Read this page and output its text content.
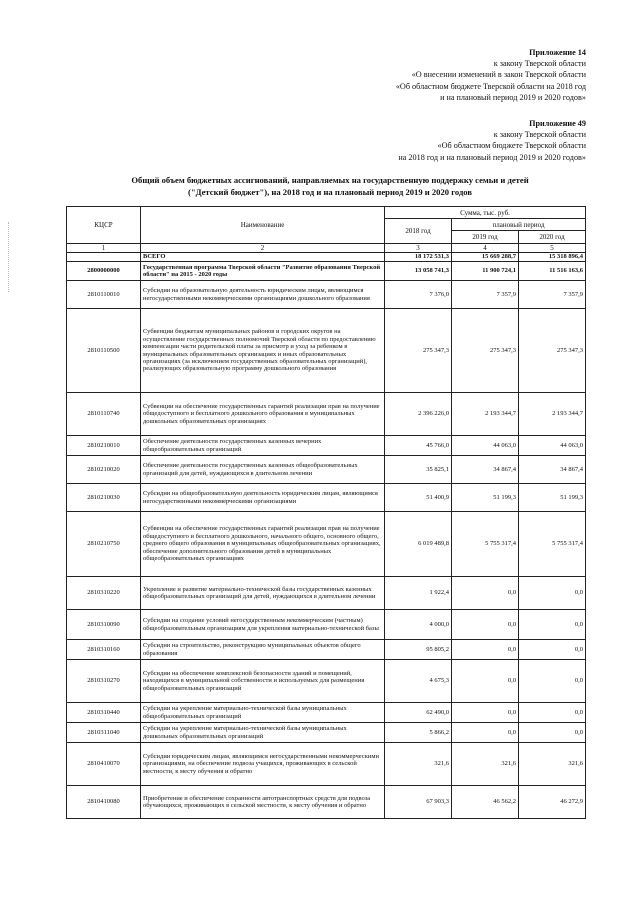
Приложение 14
к закону Тверской области
«О внесении изменений в закон Тверской области
«Об областном бюджете Тверской области на 2018 год
и на плановый период 2019 и 2020 годов»
Приложение 49
к закону Тверской области
«Об областном бюджете Тверской области
на 2018 год и на плановый период 2019 и 2020 годов»
Общий объем бюджетных ассигнований, направляемых на государственную поддержку семьи и детей
("Детский бюджет"), на 2018 год и на плановый период 2019 и 2020 годов
КЦСР	Наименование	Сумма, тыс. руб.		
		2018 год	плановый период	
			2019 год	2020 год
1	2	3	4	5
	ВСЕГО	18 172 531,3	15 669 288,7	15 318 896,4
2800000000	Государственная программа Тверской области "Развитие образования Тверской области" на 2015 - 2020 годы	13 058 741,3	11 900 724,1	11 516 163,6
2810110010	Субсидии на образовательную деятельность юридическим лицам, являющимся негосударственными некоммерческими организациями дошкольного образования	7 376,0	7 357,9	7 357,9
2810110500	Субвенции бюджетам муниципальных районов и городских округов на осуществление государственных полномочий Тверской области по предоставлению компенсации части родительской платы за присмотр и уход за ребенком в муниципальных образовательных организациях и иных образовательных организациях (за исключением государственных образовательных организаций), реализующих образовательную программу дошкольного образования	275 347,3	275 347,3	275 347,3
2810110740	Субвенции на обеспечение государственных гарантий реализации прав на получение общедоступного и бесплатного дошкольного образования в муниципальных дошкольных образовательных организациях	2 396 226,0	2 193 344,7	2 193 344,7
2810210010	Обеспечение деятельности государственных казенных вечерних общеобразовательных организаций	45 766,0	44 063,0	44 063,0
2810210020	Обеспечение деятельности государственных казенных общеобразовательных организаций для детей, нуждающихся в длительном лечении	35 825,1	34 867,4	34 867,4
2810210030	Субсидии на общеобразовательную деятельность юридическим лицам, являющимся негосударственными некоммерческими организациями	51 400,9	51 199,3	51 199,3
2810210750	Субвенции на обеспечение государственных гарантий реализации прав на получение общедоступного и бесплатного дошкольного, начального общего, основного общего, среднего общего образования в муниципальных общеобразовательных организациях, обеспечение дополнительного образования детей в муниципальных общеобразовательных организациях	6 019 489,8	5 755 317,4	5 755 317,4
2810310220	Укрепление и развитие материально-технической базы государственных казенных общеобразовательных организаций для детей, нуждающихся в длительном лечении	1 922,4	0,0	0,0
2810310090	Субсидии на создание условий негосударственным некоммерческим (частным) общеобразовательным организациям для укрепления материально-технической базы	4 000,0	0,0	0,0
2810310160	Субсидии на строительство, реконструкцию муниципальных объектов общего образования	95 805,2	0,0	0,0
2810310270	Субсидии на обеспечение комплексной безопасности зданий и помещений, находящихся в муниципальной собственности и используемых для размещения общеобразовательных организаций	4 675,3	0,0	0,0
2810310440	Субсидии на укрепление материально-технической базы муниципальных общеобразовательных организаций	62 490,0	0,0	0,0
2810311040	Субсидии на укрепление материально-технической базы муниципальных дошкольных образовательных организаций	5 866,2	0,0	0,0
2810410070	Субсидии юридическим лицам, являющимся негосударственными некоммерческими организациями, на обеспечение подвоза учащихся, проживающих в сельской местности, к месту обучения и обратно	321,6	321,6	321,6
2810410080	Приобретение и обеспечение сохранности автотранспортных средств для подвоза обучающихся, проживающих в сельской местности, к месту обучения и обратно	67 903,3	46 562,2	46 272,9
